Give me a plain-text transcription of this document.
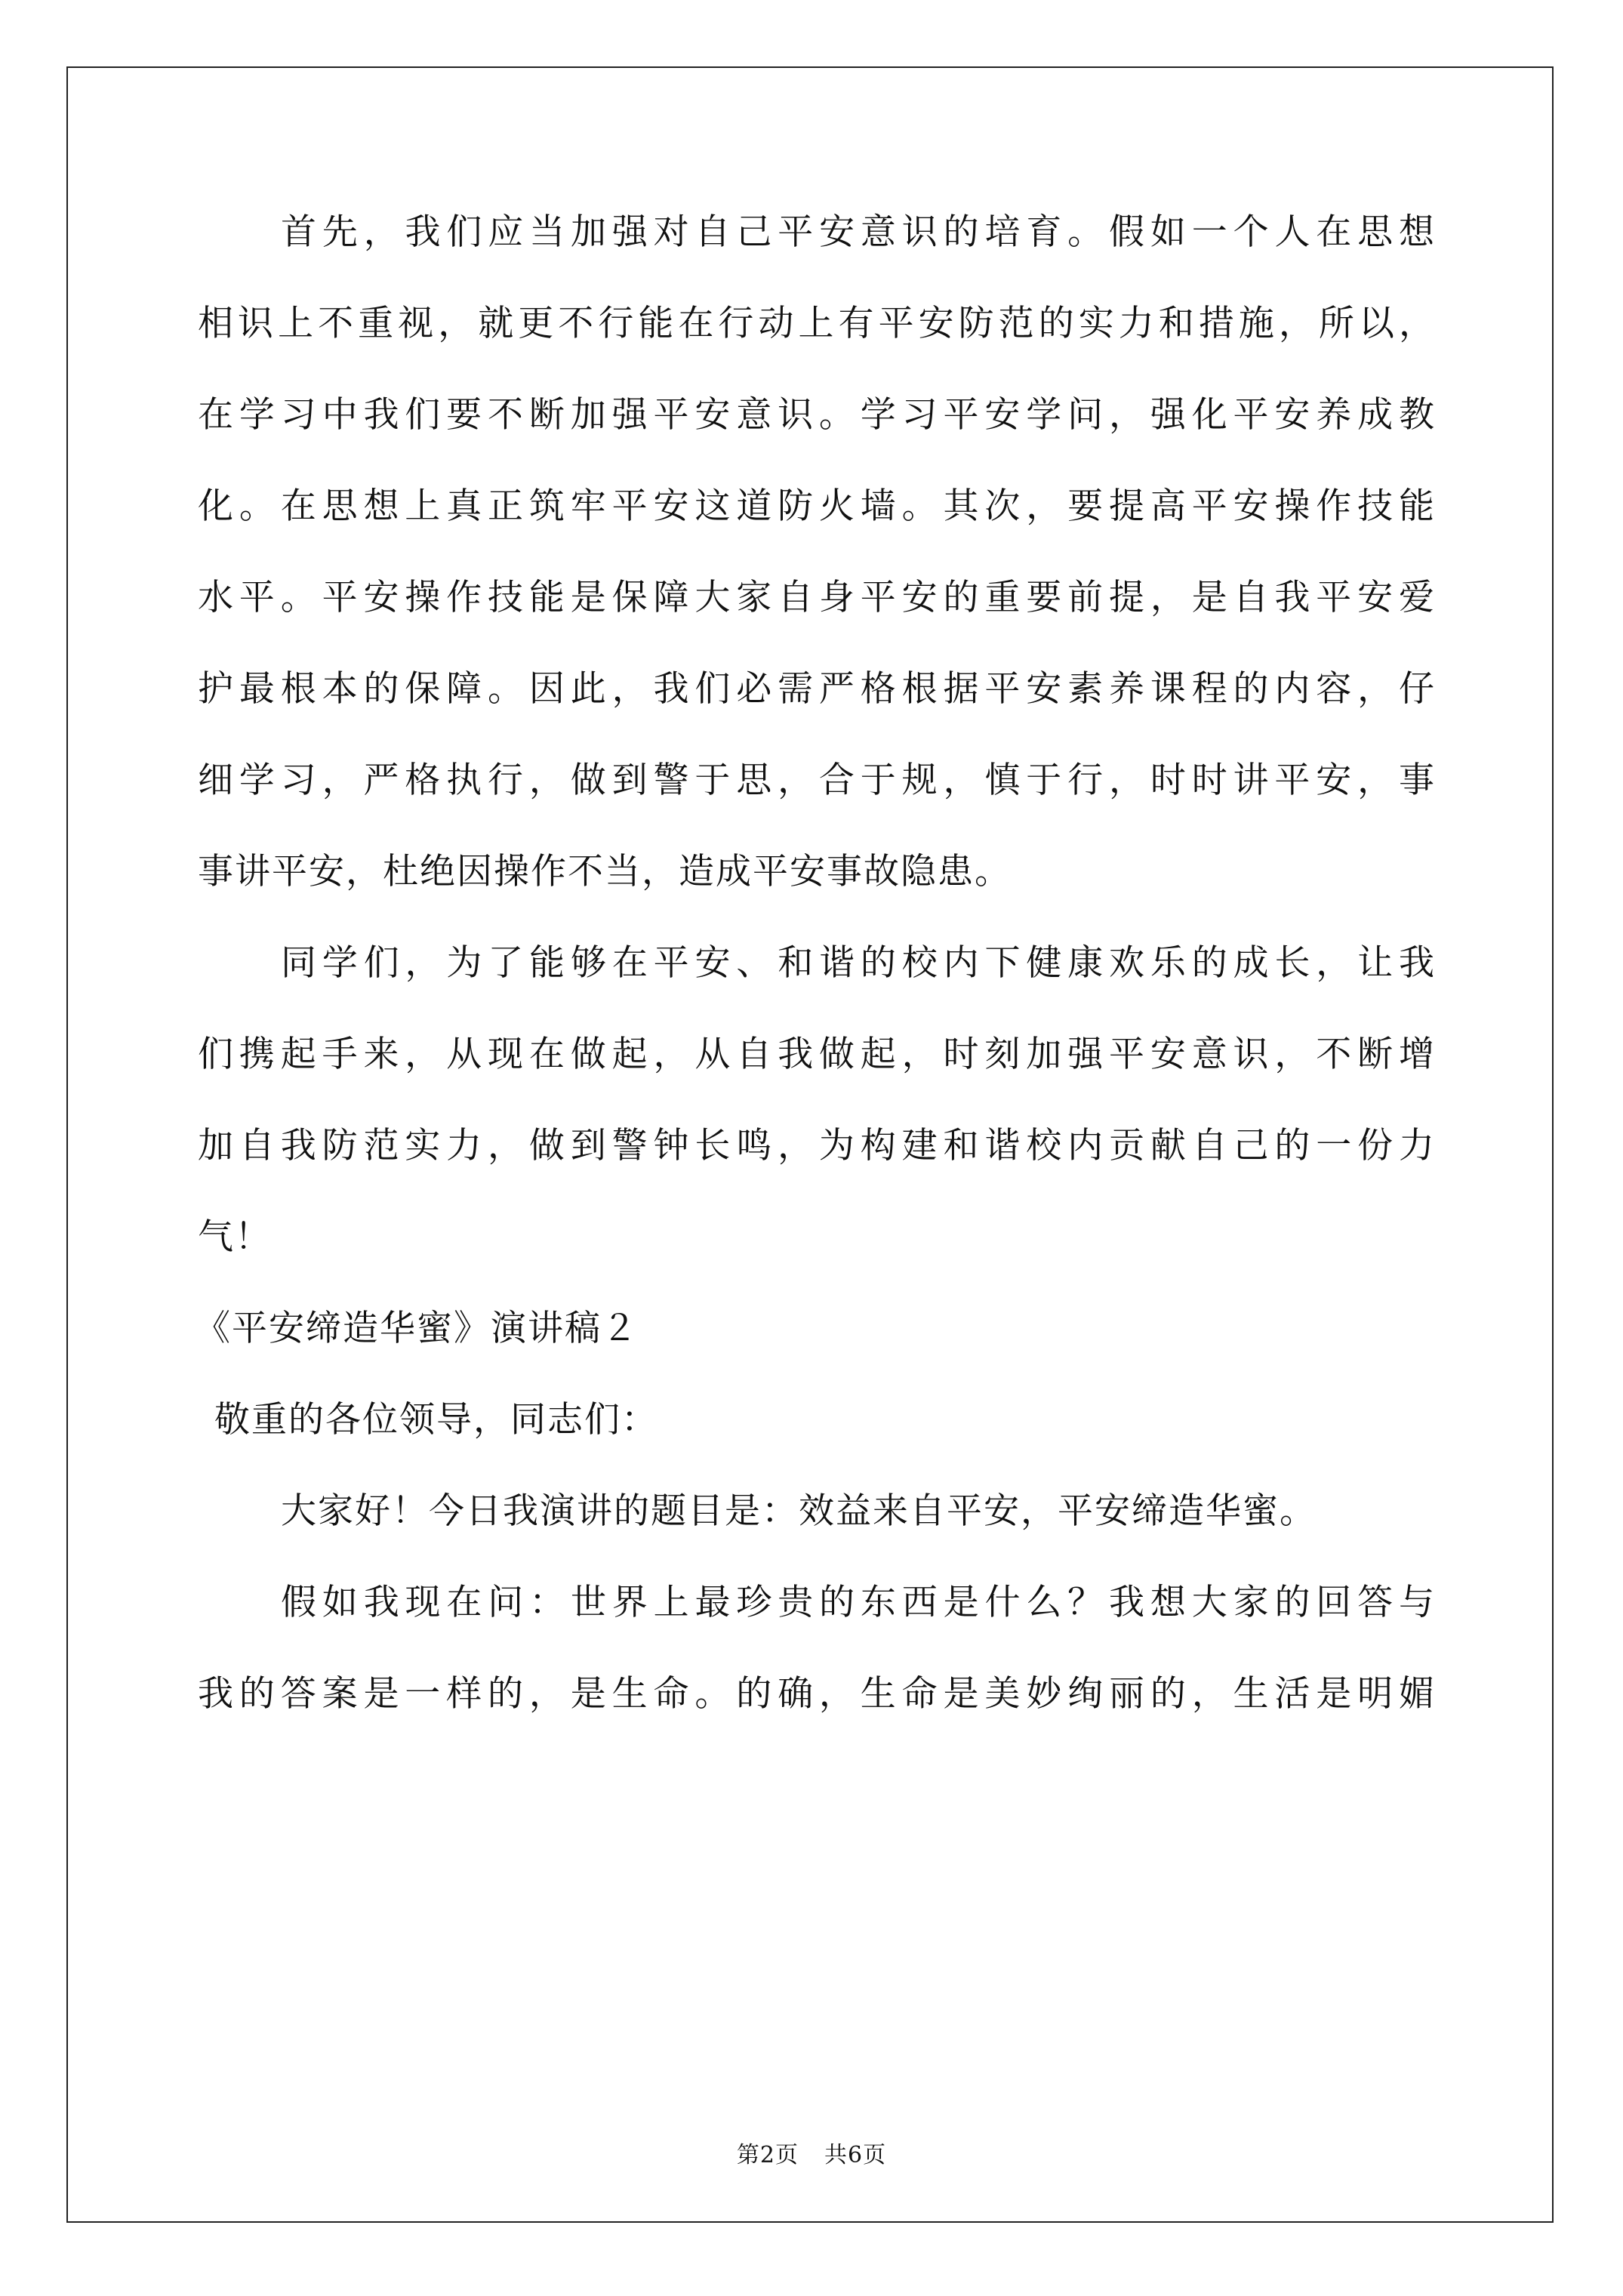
首先，我们应当加强对自己平安意识的培育。假如一个人在思想
相识上不重视，就更不行能在行动上有平安防范的实力和措施，所以，
在学习中我们要不断加强平安意识。学习平安学问，强化平安养成教
化。在思想上真正筑牢平安这道防火墙。其次，要提高平安操作技能
水平。平安操作技能是保障大家自身平安的重要前提，是自我平安爱
护最根本的保障。因此，我们必需严格根据平安素养课程的内容，仔
细学习，严格执行，做到警于思，合于规，慎于行，时时讲平安，事
事讲平安，杜绝因操作不当，造成平安事故隐患。
同学们，为了能够在平安、和谐的校内下健康欢乐的成长，让我
们携起手来，从现在做起，从自我做起，时刻加强平安意识，不断增
加自我防范实力，做到警钟长鸣，为构建和谐校内贡献自己的一份力
气！
《平安缔造华蜜》演讲稿２
敬重的各位领导，同志们：
大家好！今日我演讲的题目是：效益来自平安，平安缔造华蜜。
假如我现在问：世界上最珍贵的东西是什么？我想大家的回答与
我的答案是一样的，是生命。的确，生命是美妙绚丽的，生活是明媚
第2页 共6页
